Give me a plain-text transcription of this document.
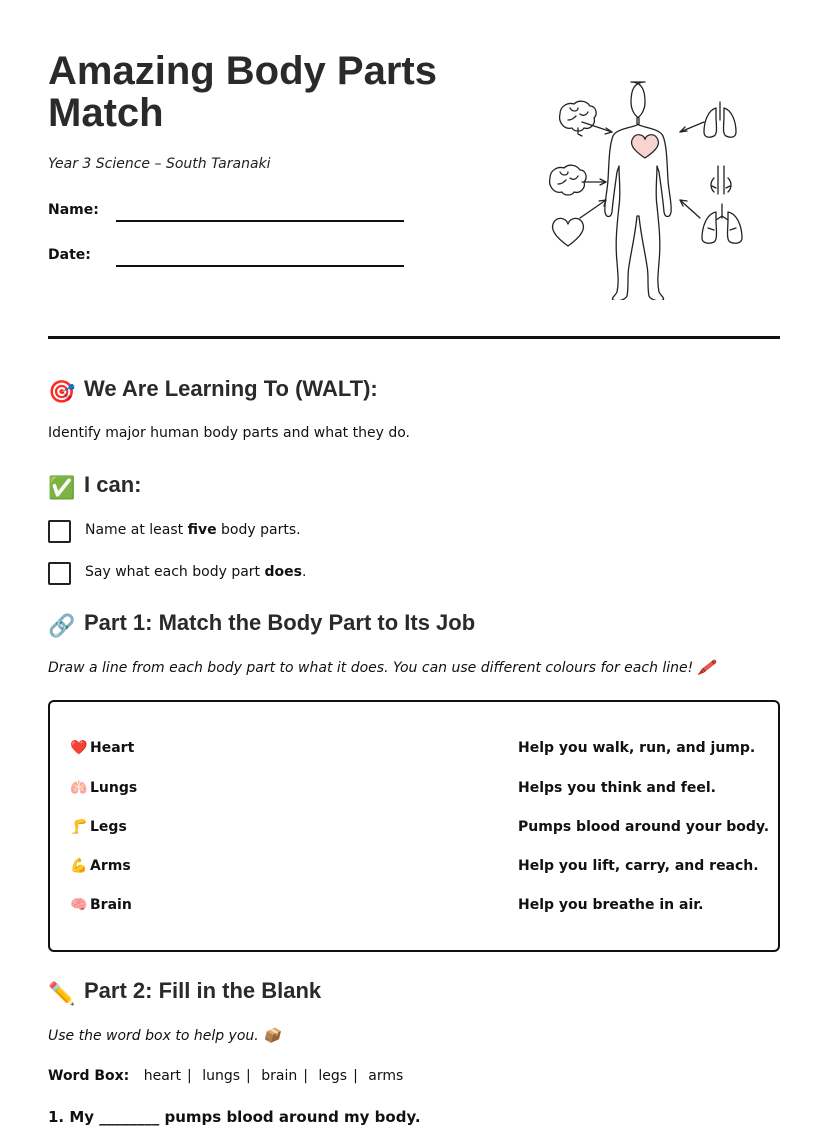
Amazing Body Parts Match

Year 3 Science – South Taranaki

Name:
Date:
🎯 We Are Learning To (WALT):
Identify major human body parts and what they do.
✅ I can:
Name at least five body parts.
Say what each body part does.
🔗 Part 1: Match the Body Part to Its Job
Draw a line from each body part to what it does. You can use different colours for each line! 🖍️
❤️ Heart	Help you walk, run, and jump.
🫁 Lungs	Helps you think and feel.
🦵 Legs	Pumps blood around your body.
💪 Arms	Help you lift, carry, and reach.
🧠 Brain	Help you breathe in air.
✏️ Part 2: Fill in the Blank
Use the word box to help you. 📦
Word Box: heart | lungs | brain | legs | arms
1. My ________ pumps blood around my body.
